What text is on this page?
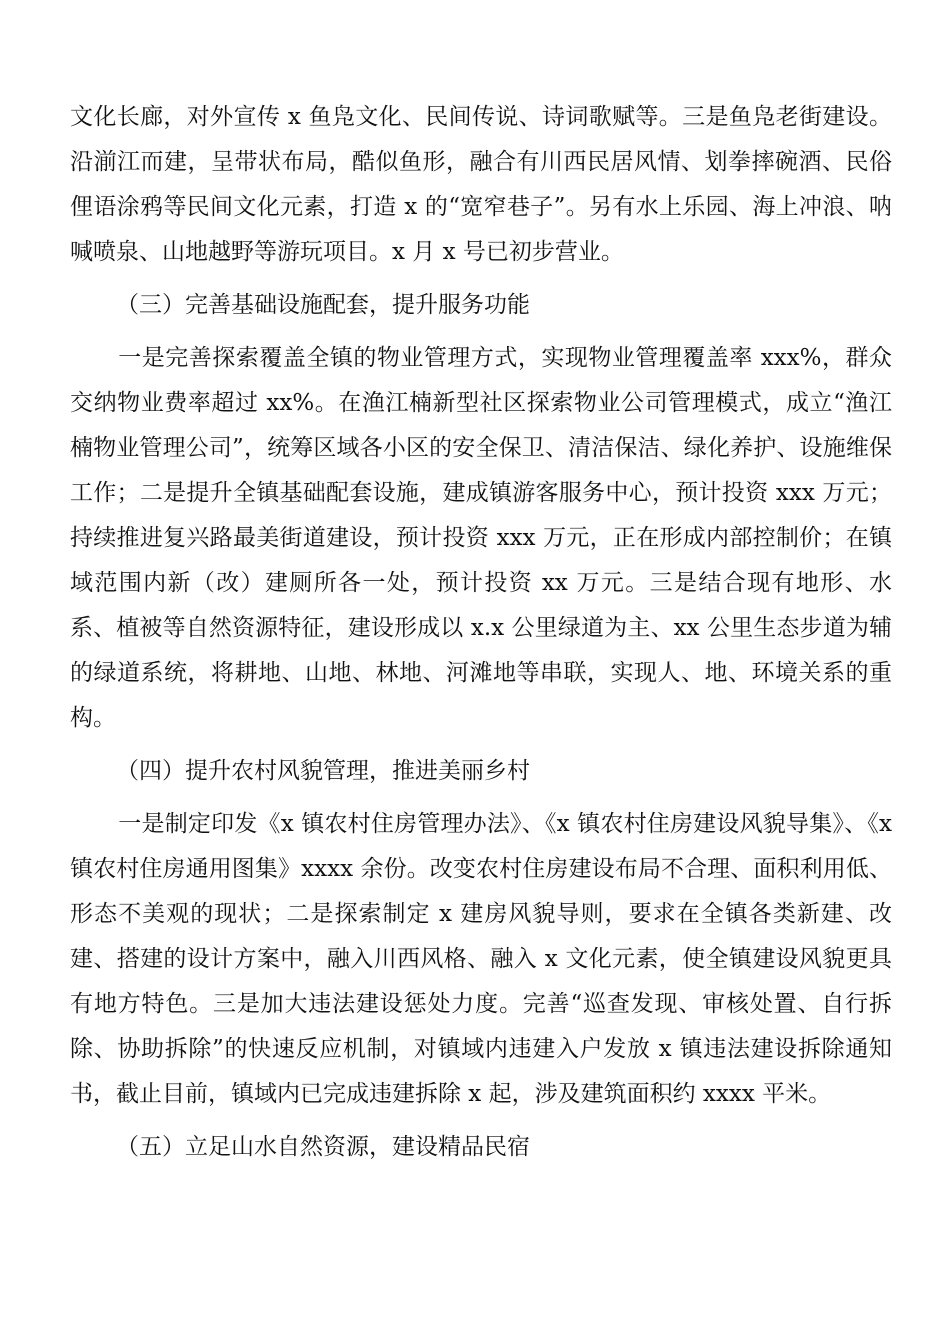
文化长廊，对外宣传 x 鱼凫文化、民间传说、诗词歌赋等。三是鱼凫老街建设。沿湔江而建，呈带状布局，酷似鱼形，融合有川西民居风情、划拳摔碗酒、民俗俚语涂鸦等民间文化元素，打造 x 的“宽窄巷子”。另有水上乐园、海上冲浪、呐喊喷泉、山地越野等游玩项目。x 月 x 号已初步营业。

（三）完善基础设施配套，提升服务功能

一是完善探索覆盖全镇的物业管理方式，实现物业管理覆盖率 xxx%，群众交纳物业费率超过 xx%。在渔江楠新型社区探索物业公司管理模式，成立“渔江楠物业管理公司”，统筹区域各小区的安全保卫、清洁保洁、绿化养护、设施维保工作；二是提升全镇基础配套设施，建成镇游客服务中心，预计投资 xxx 万元；持续推进复兴路最美街道建设，预计投资 xxx 万元，正在形成内部控制价；在镇域范围内新（改）建厕所各一处，预计投资 xx 万元。三是结合现有地形、水系、植被等自然资源特征，建设形成以 x.x 公里绿道为主、xx 公里生态步道为辅的绿道系统，将耕地、山地、林地、河滩地等串联，实现人、地、环境关系的重构。

（四）提升农村风貌管理，推进美丽乡村

一是制定印发《x 镇农村住房管理办法》、《x 镇农村住房建设风貌导集》、《x 镇农村住房通用图集》xxxx 余份。改变农村住房建设布局不合理、面积利用低、形态不美观的现状；二是探索制定 x 建房风貌导则，要求在全镇各类新建、改建、搭建的设计方案中，融入川西风格、融入 x 文化元素，使全镇建设风貌更具有地方特色。三是加大违法建设惩处力度。完善“巡查发现、审核处置、自行拆除、协助拆除”的快速反应机制，对镇域内违建入户发放 x 镇违法建设拆除通知书，截止目前，镇域内已完成违建拆除 x 起，涉及建筑面积约 xxxx 平米。

（五）立足山水自然资源，建设精品民宿
